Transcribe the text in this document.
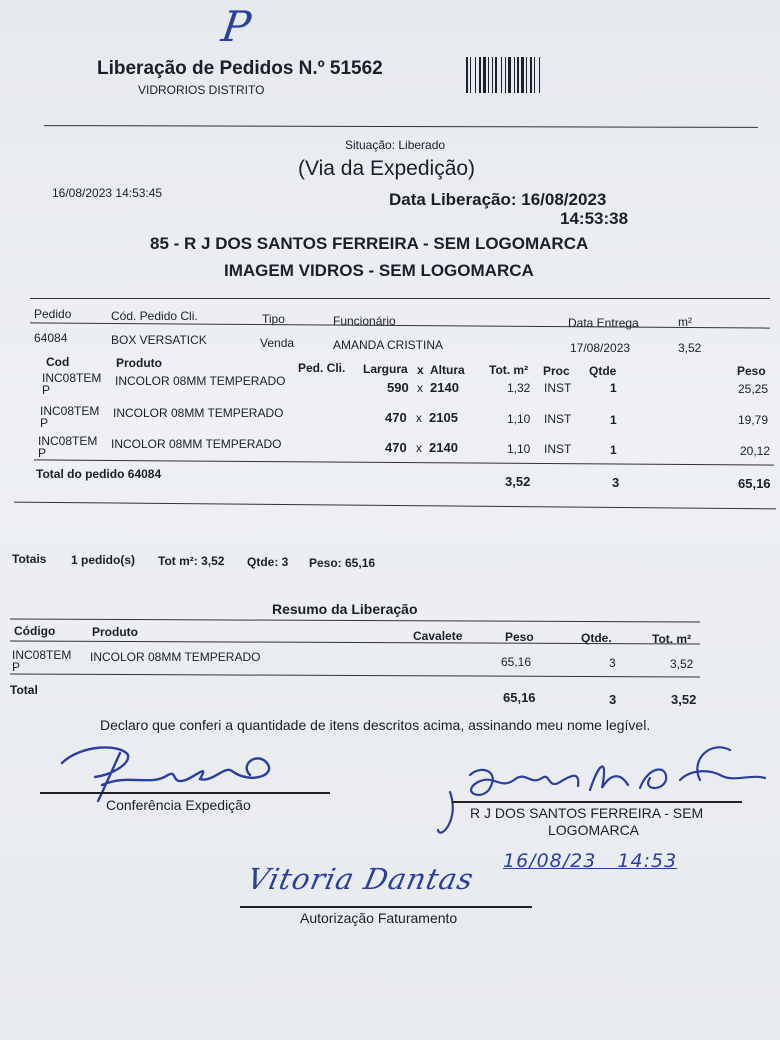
P
Liberação de Pedidos N.º 51562
VIDRORIOS DISTRITO
Situação: Liberado
(Via da Expedição)
16/08/2023 14:53:45	Data Liberação: 16/08/2023
14:53:38
85 - R J DOS SANTOS FERREIRA - SEM LOGOMARCA
IMAGEM VIDROS - SEM LOGOMARCA
Pedido	Cód. Pedido Cli.	Tipo	Funcionário	Data Entrega	m²
64084	BOX VERSATICK	Venda	AMANDA CRISTINA	17/08/2023	3,52
Cod	Produto	Ped. Cli. Largura x Altura Tot. m² Proc Qtde	Peso
INC08TEM
P
INCOLOR 08MM TEMPERADO	590 x 2140	1,32 INST	1	25,25
INC08TEM
P
INCOLOR 08MM TEMPERADO	470 x 2105	1,10 INST	1	19,79
INC08TEM
P
INCOLOR 08MM TEMPERADO	470 x 2140	1,10 INST	1	20,12
Total do pedido 64084	3,52	3	65,16
Totais 1 pedido(s) Tot m²: 3,52 Qtde: 3 Peso: 65,16
Resumo da Liberação
Código	Produto	Cavalete	Peso	Qtde.	Tot. m²
INC08TEM
P
INCOLOR 08MM TEMPERADO	65,16	3	3,52
Total	65,16	3	3,52
Declaro que conferi a quantidade de itens descritos acima, assinando meu nome legível.
Conferência Expedição	R J DOS SANTOS FERREIRA - SEM
LOGOMARCA
16/08/23   14:53
Vitoria Dantas
Autorização Faturamento
